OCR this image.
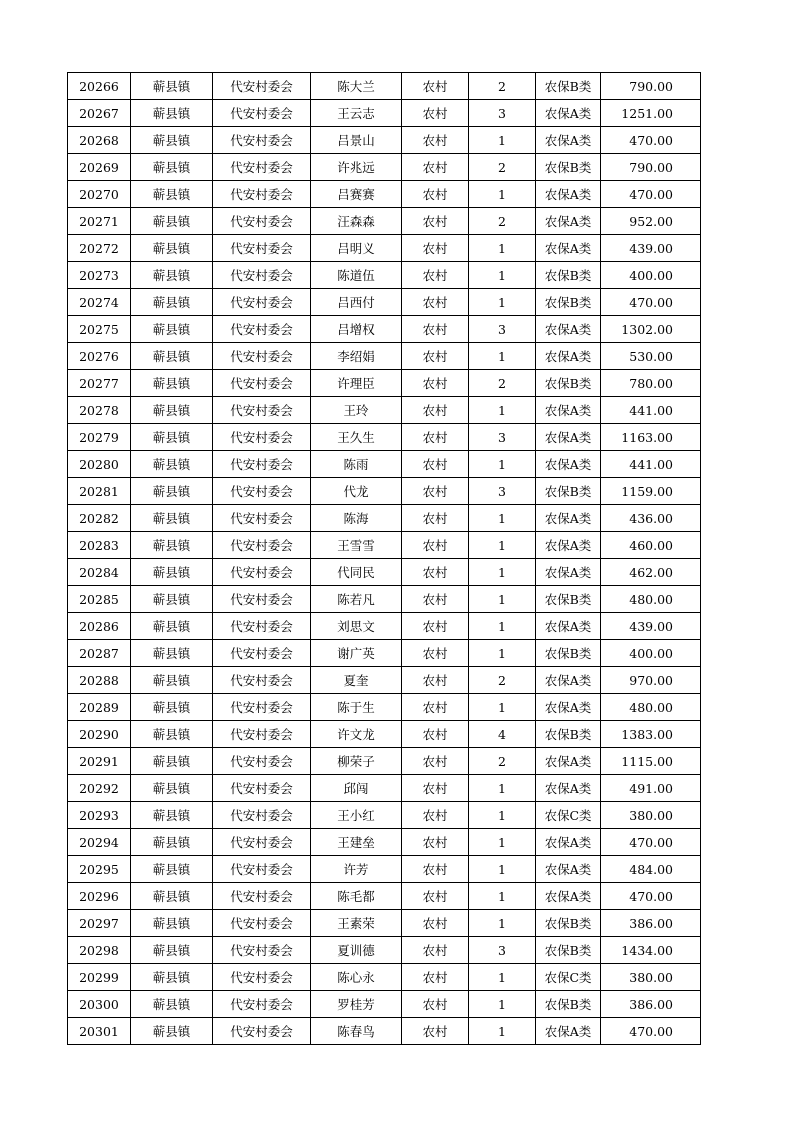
20266	蕲县镇	代安村委会	陈大兰	农村	2	农保B类	790.00
20267	蕲县镇	代安村委会	王云志	农村	3	农保A类	1251.00
20268	蕲县镇	代安村委会	吕景山	农村	1	农保A类	470.00
20269	蕲县镇	代安村委会	许兆远	农村	2	农保B类	790.00
20270	蕲县镇	代安村委会	吕赛赛	农村	1	农保A类	470.00
20271	蕲县镇	代安村委会	汪森森	农村	2	农保A类	952.00
20272	蕲县镇	代安村委会	吕明义	农村	1	农保A类	439.00
20273	蕲县镇	代安村委会	陈道伍	农村	1	农保B类	400.00
20274	蕲县镇	代安村委会	吕西付	农村	1	农保B类	470.00
20275	蕲县镇	代安村委会	吕增权	农村	3	农保A类	1302.00
20276	蕲县镇	代安村委会	李绍娟	农村	1	农保A类	530.00
20277	蕲县镇	代安村委会	许理臣	农村	2	农保B类	780.00
20278	蕲县镇	代安村委会	王玲	农村	1	农保A类	441.00
20279	蕲县镇	代安村委会	王久生	农村	3	农保A类	1163.00
20280	蕲县镇	代安村委会	陈雨	农村	1	农保A类	441.00
20281	蕲县镇	代安村委会	代龙	农村	3	农保B类	1159.00
20282	蕲县镇	代安村委会	陈海	农村	1	农保A类	436.00
20283	蕲县镇	代安村委会	王雪雪	农村	1	农保A类	460.00
20284	蕲县镇	代安村委会	代同民	农村	1	农保A类	462.00
20285	蕲县镇	代安村委会	陈若凡	农村	1	农保B类	480.00
20286	蕲县镇	代安村委会	刘思文	农村	1	农保A类	439.00
20287	蕲县镇	代安村委会	谢广英	农村	1	农保B类	400.00
20288	蕲县镇	代安村委会	夏奎	农村	2	农保A类	970.00
20289	蕲县镇	代安村委会	陈于生	农村	1	农保A类	480.00
20290	蕲县镇	代安村委会	许文龙	农村	4	农保B类	1383.00
20291	蕲县镇	代安村委会	柳荣子	农村	2	农保A类	1115.00
20292	蕲县镇	代安村委会	邱闯	农村	1	农保A类	491.00
20293	蕲县镇	代安村委会	王小红	农村	1	农保C类	380.00
20294	蕲县镇	代安村委会	王建垒	农村	1	农保A类	470.00
20295	蕲县镇	代安村委会	许芳	农村	1	农保A类	484.00
20296	蕲县镇	代安村委会	陈毛都	农村	1	农保A类	470.00
20297	蕲县镇	代安村委会	王素荣	农村	1	农保B类	386.00
20298	蕲县镇	代安村委会	夏训德	农村	3	农保B类	1434.00
20299	蕲县镇	代安村委会	陈心永	农村	1	农保C类	380.00
20300	蕲县镇	代安村委会	罗桂芳	农村	1	农保B类	386.00
20301	蕲县镇	代安村委会	陈春鸟	农村	1	农保A类	470.00
